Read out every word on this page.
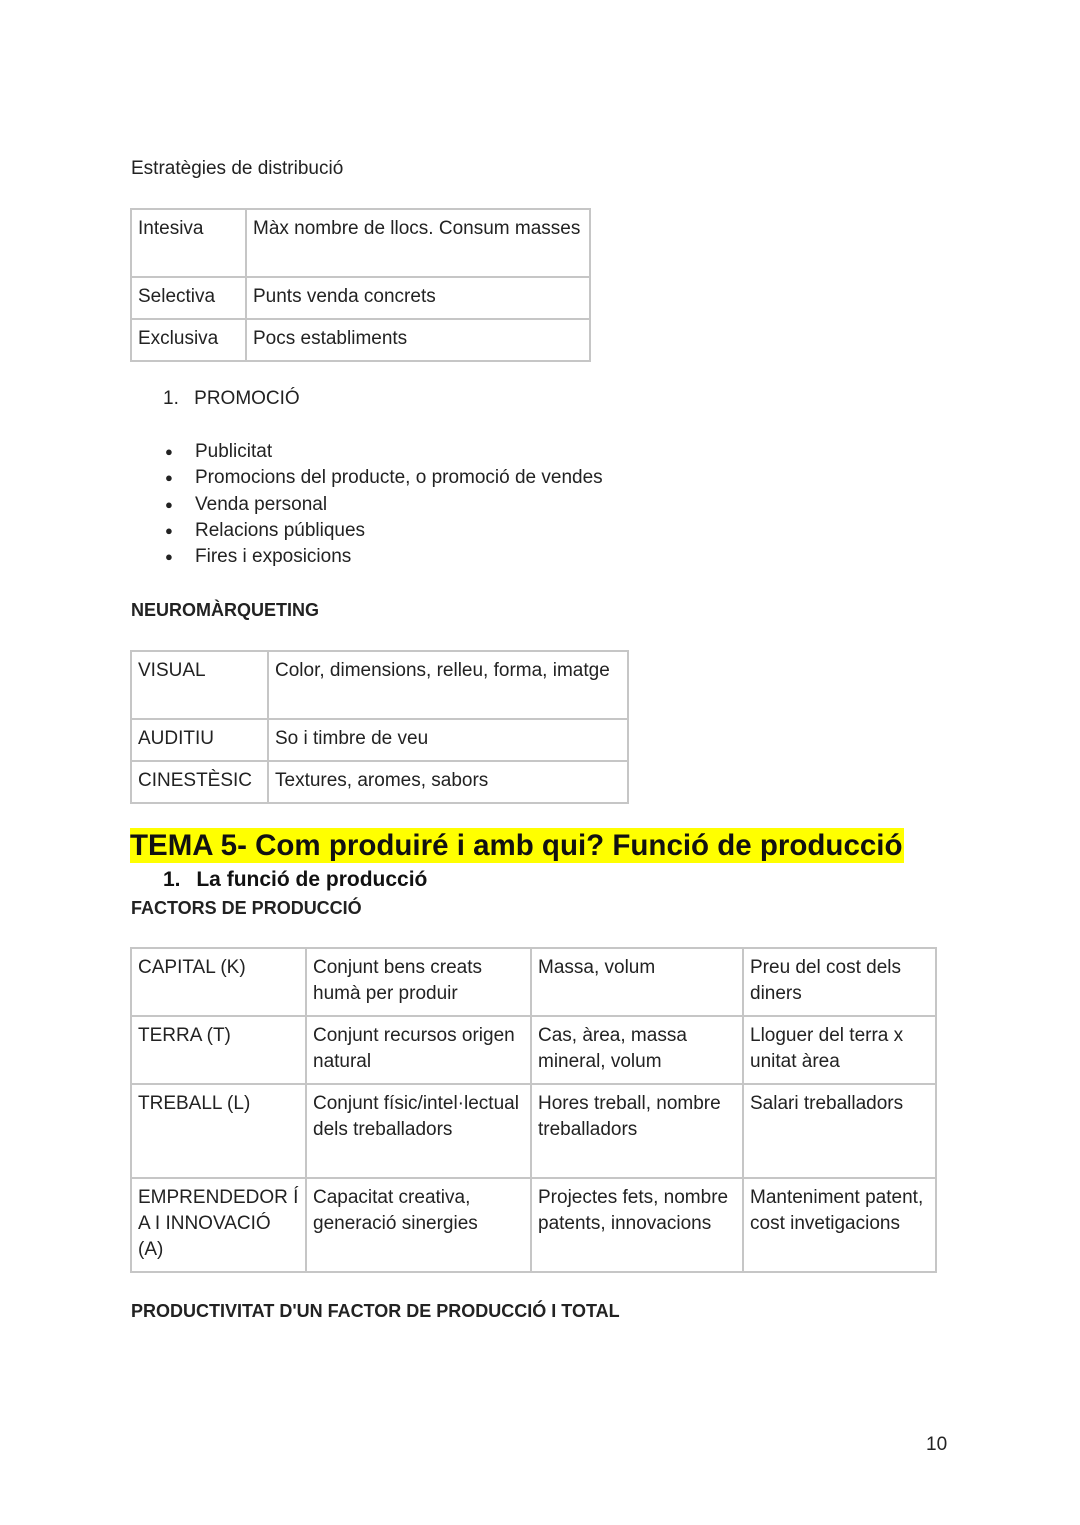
Estratègies de distribució
Intesiva	Màx nombre de llocs. Consum masses
Selectiva	Punts venda concrets
Exclusiva	Pocs establiments
1. PROMOCIÓ
● Publicitat
● Promocions del producte, o promoció de vendes
● Venda personal
● Relacions públiques
● Fires i exposicions
NEUROMÀRQUETING
VISUAL	Color, dimensions, relleu, forma, imatge
AUDITIU	So i timbre de veu
CINESTÈSIC	Textures, aromes, sabors
TEMA 5- Com produiré i amb qui? Funció de producció
1. La funció de producció
FACTORS DE PRODUCCIÓ
CAPITAL (K)	Conjunt bens creats humà per produir	Massa, volum	Preu del cost dels diners
TERRA (T)	Conjunt recursos origen natural	Cas, àrea, massa mineral, volum	Lloguer del terra x unitat àrea
TREBALL (L)	Conjunt físic/intel·lectual dels treballadors	Hores treball, nombre treballadors	Salari treballadors
EMPRENDEDOR ÍA I INNOVACIÓ (A)	Capacitat creativa, generació sinergies	Projectes fets, nombre patents, innovacions	Manteniment patent, cost invetigacions
PRODUCTIVITAT D'UN FACTOR DE PRODUCCIÓ I TOTAL
10
